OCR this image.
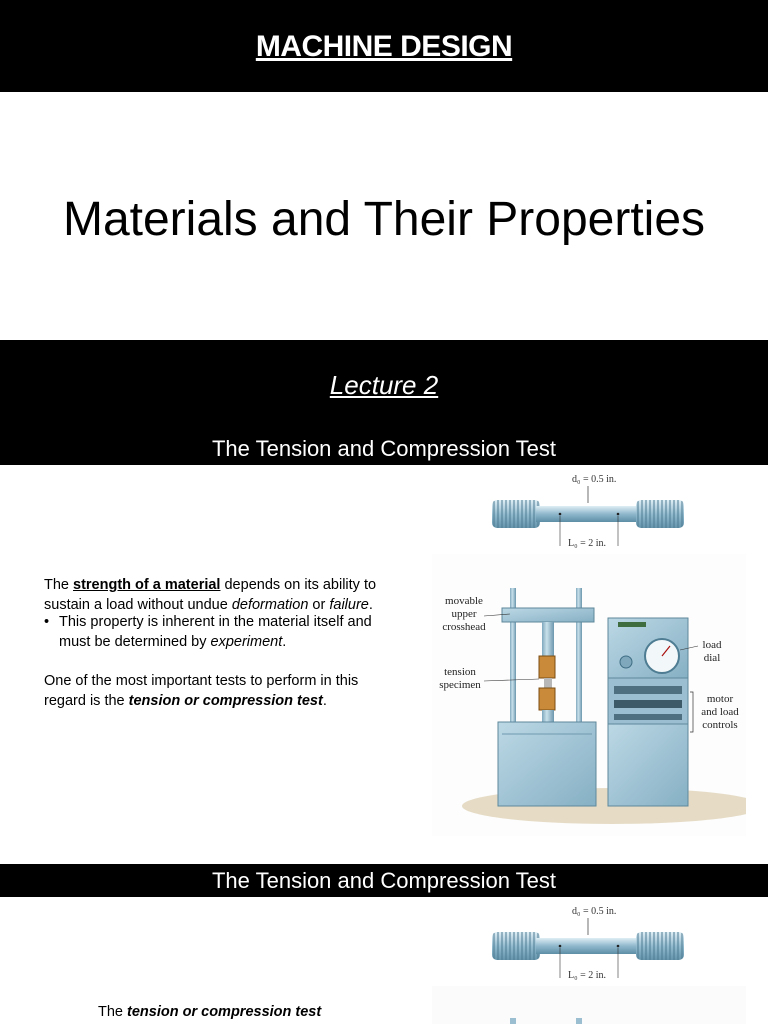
MACHINE DESIGN
Materials and Their Properties
Lecture 2
The Tension and Compression Test
The strength of a material depends on its ability to sustain a load without undue deformation or failure.
• This property is inherent in the material itself and must be determined by experiment.
One of the most important tests to perform in this regard is the tension or compression test.
d₀ = 0.5 in.
L₀ = 2 in.
movable
upper
crosshead
tension
specimen
load
dial
motor
and load
controls
The Tension and Compression Test
d₀ = 0.5 in.
L₀ = 2 in.
The tension or compression test
